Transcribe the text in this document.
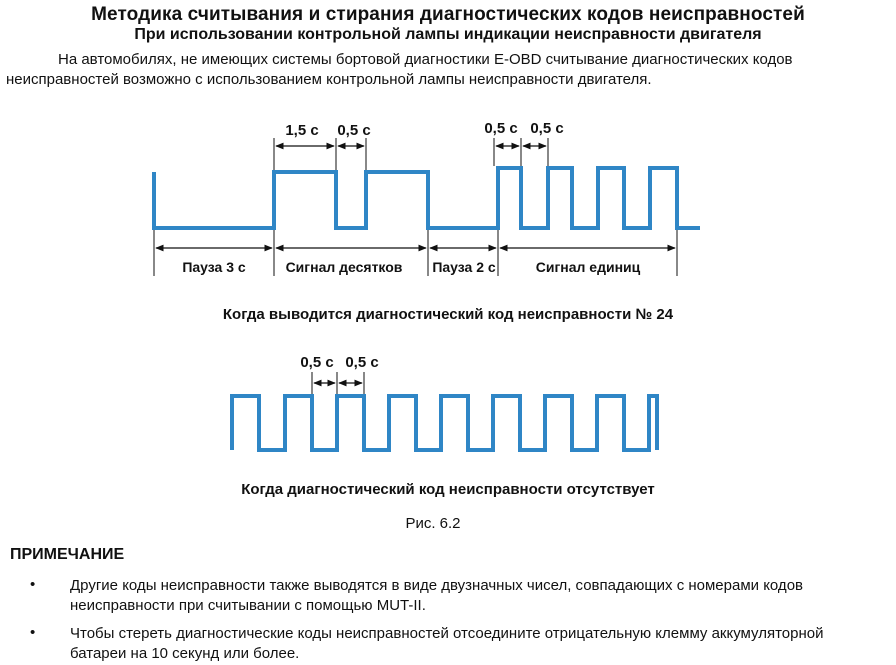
Методика считывания и стирания диагностических кодов неисправностей
При использовании контрольной лампы индикации неисправности двигателя
На автомобилях, не имеющих системы бортовой диагностики E-OBD считывание диагностических кодов неисправностей возможно с использованием контрольной лампы неисправности двигателя.
1,5 с 0,5 с	0,5 с 0,5 с
Пауза 3 с	Сигнал десятков Пауза 2 с	Сигнал единиц
0,5 с 0,5 с
Когда выводится диагностический код неисправности № 24
Когда диагностический код неисправности отсутствует
Рис. 6.2
ПРИМЕЧАНИЕ
• Другие коды неисправности также выводятся в виде двузначных чисел, совпадающих с номерами кодов неисправности при считывании с помощью MUT-II.
• Чтобы стереть диагностические коды неисправностей отсоедините отрицательную клемму аккумуляторной батареи на 10 секунд или более.
